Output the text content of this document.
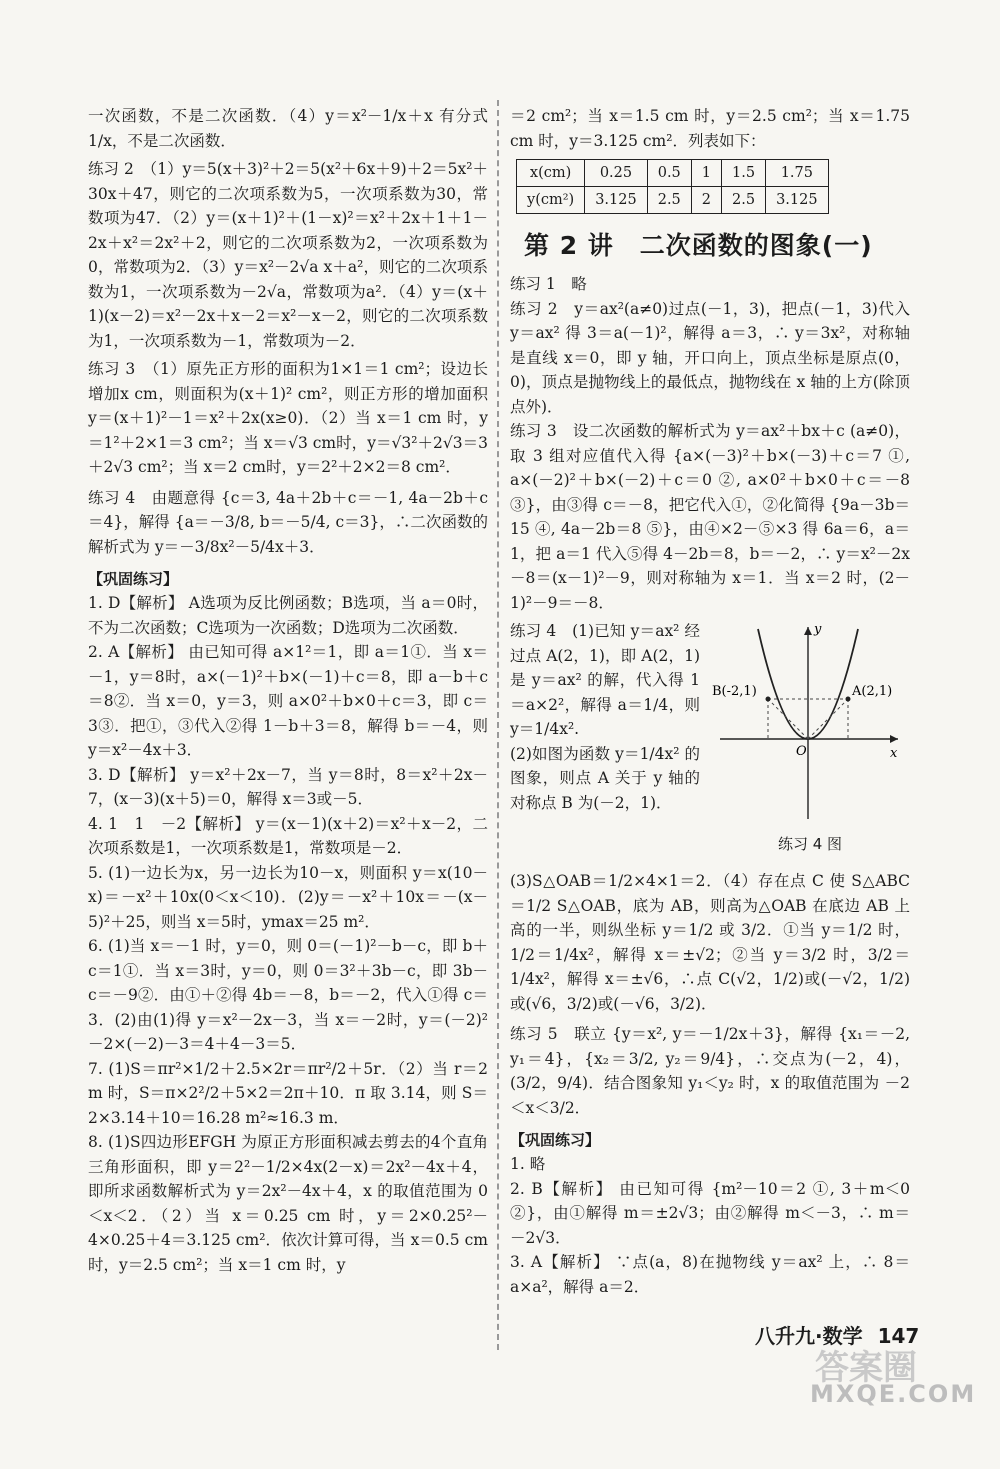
一次函数，不是二次函数．（4）y＝x²－1/x＋x 有分式 1/x，不是二次函数．

练习 2　（1）y＝5(x＋3)²＋2＝5(x²＋6x＋9)＋2＝5x²＋30x＋47，则它的二次项系数为5，一次项系数为30，常数项为47．（2）y＝(x＋1)²＋(1－x)²＝x²＋2x＋1＋1－2x＋x²＝2x²＋2，则它的二次项系数为2，一次项系数为0，常数项为2．（3）y＝x²－2√a x＋a²，则它的二次项系数为1，一次项系数为－2√a，常数项为a²．（4）y＝(x＋1)(x－2)＝x²－2x＋x－2＝x²－x－2，则它的二次项系数为1，一次项系数为－1，常数项为－2．

练习 3　（1）原先正方形的面积为1×1＝1 cm²；设边长增加x cm，则面积为(x＋1)² cm²，则正方形的增加面积 y＝(x＋1)²－1＝x²＋2x(x≥0)．（2）当 x＝1 cm 时，y＝1²＋2×1＝3 cm²；当 x＝√3 cm时，y＝√3²＋2√3＝3＋2√3 cm²；当 x＝2 cm时，y＝2²＋2×2＝8 cm²．

练习 4　由题意得 {c＝3, 4a＋2b＋c＝－1, 4a－2b＋c＝4}，解得 {a＝－3/8, b＝－5/4, c＝3}，∴二次函数的解析式为 y＝－3/8x²－5/4x＋3．

【巩固练习】

1. D【解析】 A选项为反比例函数；B选项，当 a＝0时，不为二次函数；C选项为一次函数；D选项为二次函数．

2. A【解析】 由已知可得 a×1²＝1，即 a＝1①．当 x＝－1，y＝8时，a×(－1)²＋b×(－1)＋c＝8，即 a－b＋c＝8②．当 x＝0，y＝3，则 a×0²＋b×0＋c＝3，即 c＝3③．把①，③代入②得 1－b＋3＝8，解得 b＝－4，则 y＝x²－4x＋3．

3. D【解析】 y＝x²＋2x－7，当 y＝8时，8＝x²＋2x－7，(x－3)(x＋5)＝0，解得 x＝3或－5．

4. 1　1　－2【解析】 y＝(x－1)(x＋2)＝x²＋x－2，二次项系数是1，一次项系数是1，常数项是－2．

5. (1)一边长为x，另一边长为10－x，则面积 y＝x(10－x)＝－x²＋10x(0＜x＜10)．(2)y＝－x²＋10x＝－(x－5)²＋25，则当 x＝5时，ymax＝25 m²．

6. (1)当 x＝－1 时，y＝0，则 0＝(－1)²－b－c，即 b＋c＝1①．当 x＝3时，y＝0，则 0＝3²＋3b－c，即 3b－c＝－9②．由①＋②得 4b＝－8，b＝－2，代入①得 c＝3．(2)由(1)得 y＝x²－2x－3，当 x＝－2时，y＝(－2)²－2×(－2)－3＝4＋4－3＝5．

7. (1)S＝πr²×1/2＋2.5×2r＝πr²/2＋5r．（2）当 r＝2 m 时，S＝π×2²/2＋5×2＝2π＋10．π 取 3.14，则 S＝2×3.14＋10＝16.28 m²≈16.3 m．

8. (1)S四边形EFGH 为原正方形面积减去剪去的4个直角三角形面积，即 y＝2²－1/2×4x(2－x)＝2x²－4x＋4，即所求函数解析式为 y＝2x²－4x＋4，x 的取值范围为 0＜x＜2．（2）当 x＝0.25 cm 时，y＝2×0.25²－4×0.25＋4＝3.125 cm²．依次计算可得，当 x＝0.5 cm 时，y＝2.5 cm²；当 x＝1 cm 时，y

＝2 cm²；当 x＝1.5 cm 时，y＝2.5 cm²；当 x＝1.75 cm 时，y＝3.125 cm²．列表如下：

x(cm)	0.25	0.5	1	1.5	1.75
y(cm²)	3.125	2.5	2	2.5	3.125
第 2 讲　二次函数的图象(一)

练习 1　略

练习 2　y＝ax²(a≠0)过点(－1，3)，把点(－1，3)代入 y＝ax² 得 3＝a(－1)²，解得 a＝3，∴ y＝3x²，对称轴是直线 x＝0，即 y 轴，开口向上，顶点坐标是原点(0，0)，顶点是抛物线上的最低点，抛物线在 x 轴的上方(除顶点外)．

练习 3　设二次函数的解析式为 y＝ax²＋bx＋c (a≠0)，取 3 组对应值代入得 {a×(－3)²＋b×(－3)＋c＝7 ①, a×(－2)²＋b×(－2)＋c＝0 ②, a×0²＋b×0＋c＝－8 ③}，由③得 c＝－8，把它代入①，②化简得 {9a－3b＝15 ④, 4a－2b＝8 ⑤}，由④×2－⑤×3 得 6a＝6，a＝1，把 a＝1 代入⑤得 4－2b＝8，b＝－2，∴ y＝x²－2x－8＝(x－1)²－9，则对称轴为 x＝1．当 x＝2 时，(2－1)²－9＝－8．

练习 4　(1)已知 y＝ax² 经过点 A(2，1)，即 A(2，1)是 y＝ax² 的解，代入得 1＝a×2²，解得 a＝1/4，则 y＝1/4x².

(2)如图为函数 y＝1/4x² 的图象，则点 A 关于 y 轴的对称点 B 为(－2，1)．

A(2,1)
B(-2,1)
O	x
y
练习 4 图

(3)S△OAB＝1/2×4×1＝2．（4）存在点 C 使 S△ABC＝1/2 S△OAB，底为 AB，则高为△OAB 在底边 AB 上高的一半，则纵坐标 y＝1/2 或 3/2．①当 y＝1/2 时，1/2＝1/4x²，解得 x＝±√2；②当 y＝3/2 时，3/2＝1/4x²，解得 x＝±√6，∴点 C(√2，1/2)或(－√2，1/2)或(√6，3/2)或(－√6，3/2)．

练习 5　联立 {y＝x², y＝－1/2x＋3}，解得 {x₁＝－2, y₁＝4}，{x₂＝3/2, y₂＝9/4}，∴交点为(－2，4)，(3/2，9/4)．结合图象知 y₁＜y₂ 时，x 的取值范围为 －2＜x＜3/2．

【巩固练习】

1. 略

2. B【解析】 由已知可得 {m²－10＝2 ①, 3＋m＜0 ②}，由①解得 m＝±2√3；由②解得 m＜－3，∴ m＝－2√3．

3. A【解析】 ∵点(a，8)在抛物线 y＝ax² 上，∴ 8＝a×a²，解得 a＝2．

八升九·数学 147
答案圈
MXQE.COM
